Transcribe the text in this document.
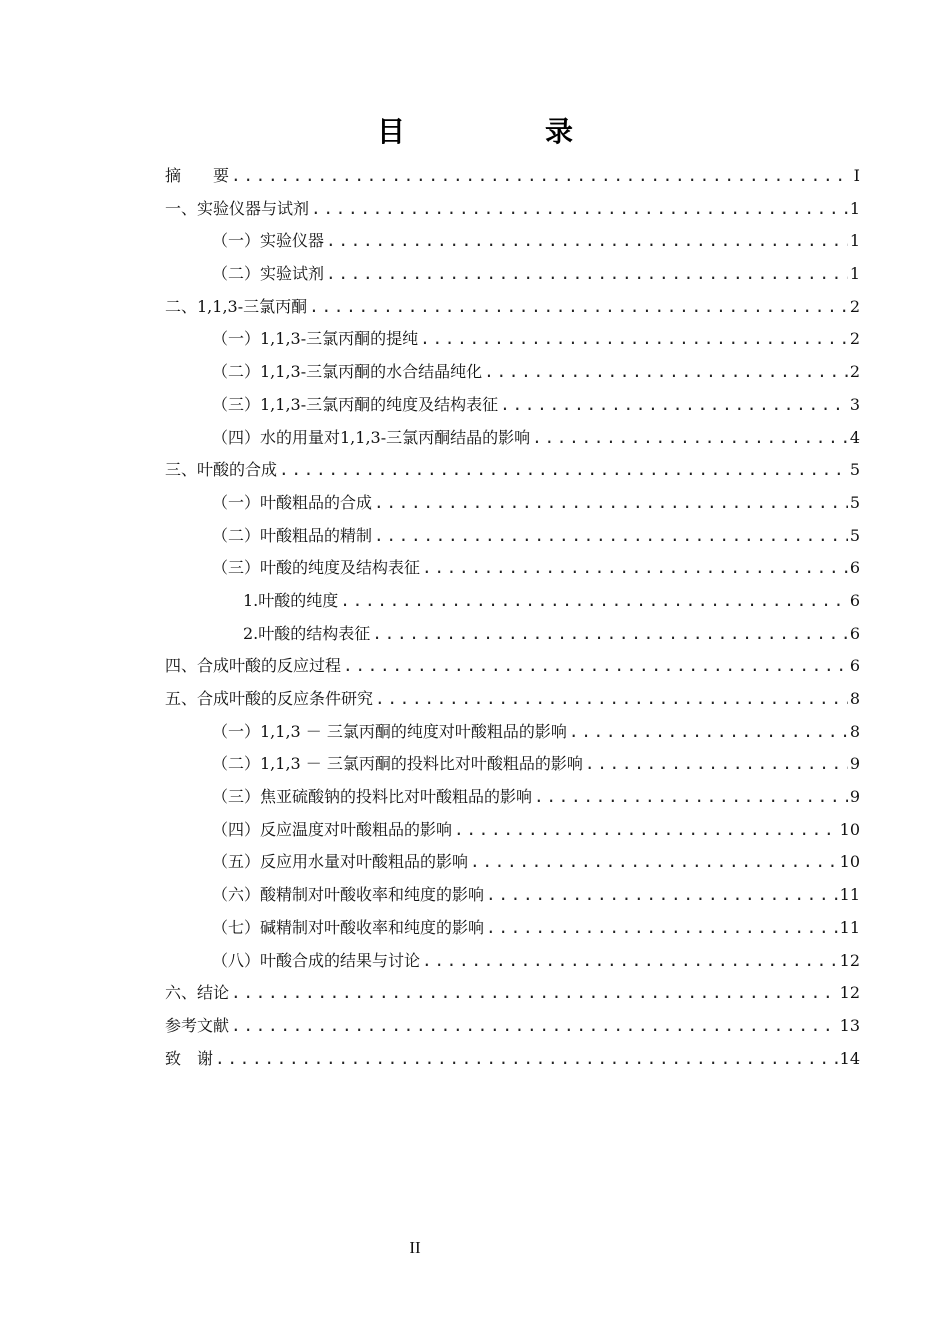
目　录
摘　　要 .....	I
一、实验仪器与试剂 .....	1
（一）实验仪器 .....	1
（二）实验试剂 .....	1
二、1,1,3-三氯丙酮 .....	2
（一）1,1,3-三氯丙酮的提纯 .....	2
（二）1,1,3-三氯丙酮的水合结晶纯化 .....	2
（三）1,1,3-三氯丙酮的纯度及结构表征 .....	3
（四）水的用量对1,1,3-三氯丙酮结晶的影响 .....	4
三、叶酸的合成 .....	5
（一）叶酸粗品的合成 .....	5
（二）叶酸粗品的精制 .....	5
（三）叶酸的纯度及结构表征 .....	6
1.叶酸的纯度 .....	6
2.叶酸的结构表征 .....	6
四、合成叶酸的反应过程 .....	6
五、合成叶酸的反应条件研究 .....	8
（一）1,1,3 － 三氯丙酮的纯度对叶酸粗品的影响 .....	8
（二）1,1,3 － 三氯丙酮的投料比对叶酸粗品的影响 .....	9
（三）焦亚硫酸钠的投料比对叶酸粗品的影响 .....	9
（四）反应温度对叶酸粗品的影响 .....	10
（五）反应用水量对叶酸粗品的影响 .....	10
（六）酸精制对叶酸收率和纯度的影响 .....	11
（七）碱精制对叶酸收率和纯度的影响 .....	11
（八）叶酸合成的结果与讨论 .....	12
六、结论 .....	12
参考文献 .....	13
致　谢 .....	14
II
